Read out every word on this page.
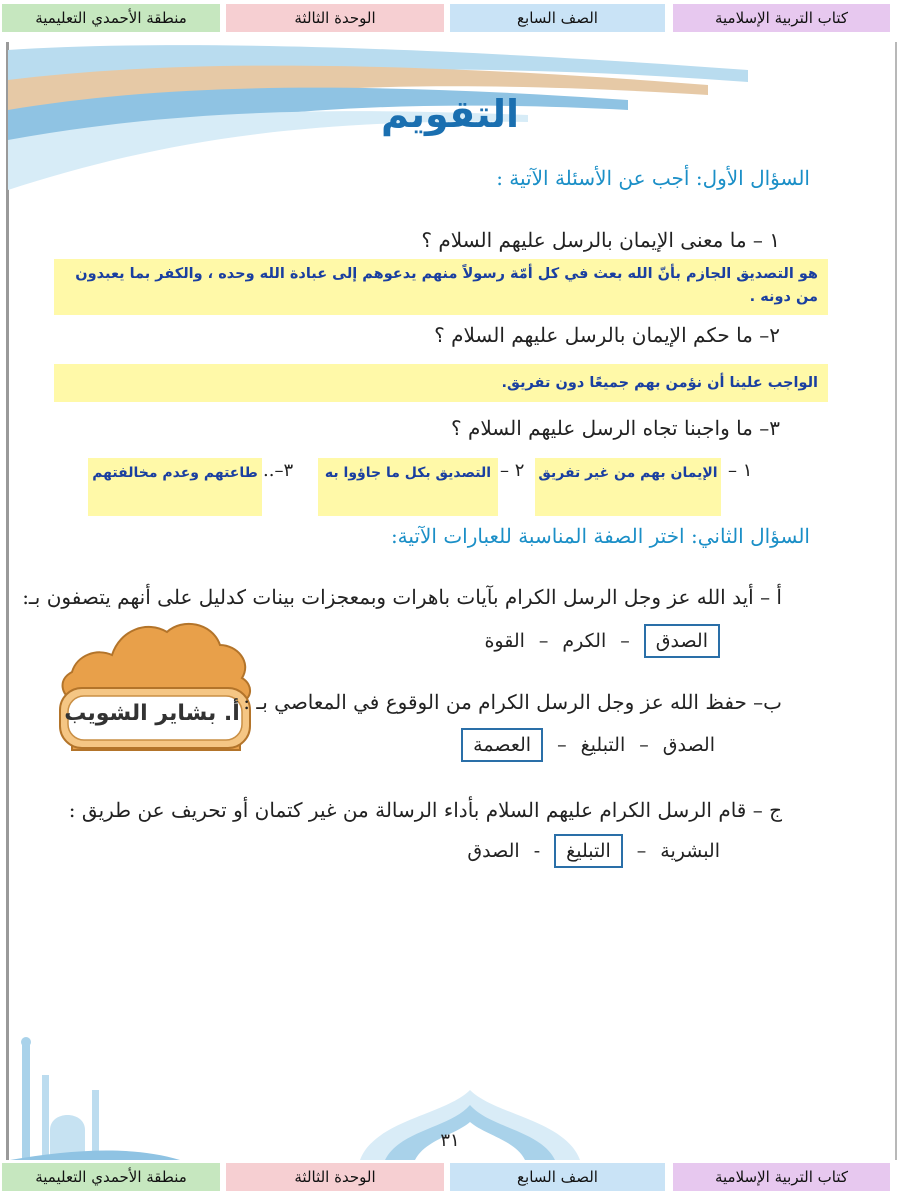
كتاب التربية الإسلامية
الصف السابع
الوحدة الثالثة
منطقة الأحمدي التعليمية
التقويم
السؤال الأول: أجب عن الأسئلة الآتية :
١ – ما معنى الإيمان بالرسل عليهم السلام ؟
هو التصديق الجازم بأنّ الله بعث في كل أمّة رسولاً منهم يدعوهم إلى عبادة الله وحده ، والكفر بما يعبدون من دونه .
٢– ما حكم الإيمان بالرسل عليهم السلام ؟
الواجب علينا أن نؤمن بهم جميعًا دون تفريق.
٣– ما واجبنا تجاه الرسل عليهم السلام ؟
١ –
الإيمان بهم من غير تفريق
٢ –
التصديق بكل ما جاؤوا به
٣–..
طاعتهم وعدم مخالفتهم
السؤال الثاني: اختر الصفة المناسبة للعبارات الآتية:
أ – أيد الله عز وجل الرسل الكرام بآيات باهرات وبمعجزات بينات كدليل على أنهم يتصفون بـ:
الصدق–الكرم–القوة
أ. بشاير الشويب ب– حفظ الله عز وجل الرسل الكرام من الوقوع في المعاصي بـ :
الصدق–التبليغ–العصمة
ج – قام الرسل الكرام عليهم السلام بأداء الرسالة من غير كتمان أو تحريف عن طريق :
البشرية–التبليغ-الصدق
٣١
كتاب التربية الإسلامية
الصف السابع
الوحدة الثالثة
منطقة الأحمدي التعليمية
